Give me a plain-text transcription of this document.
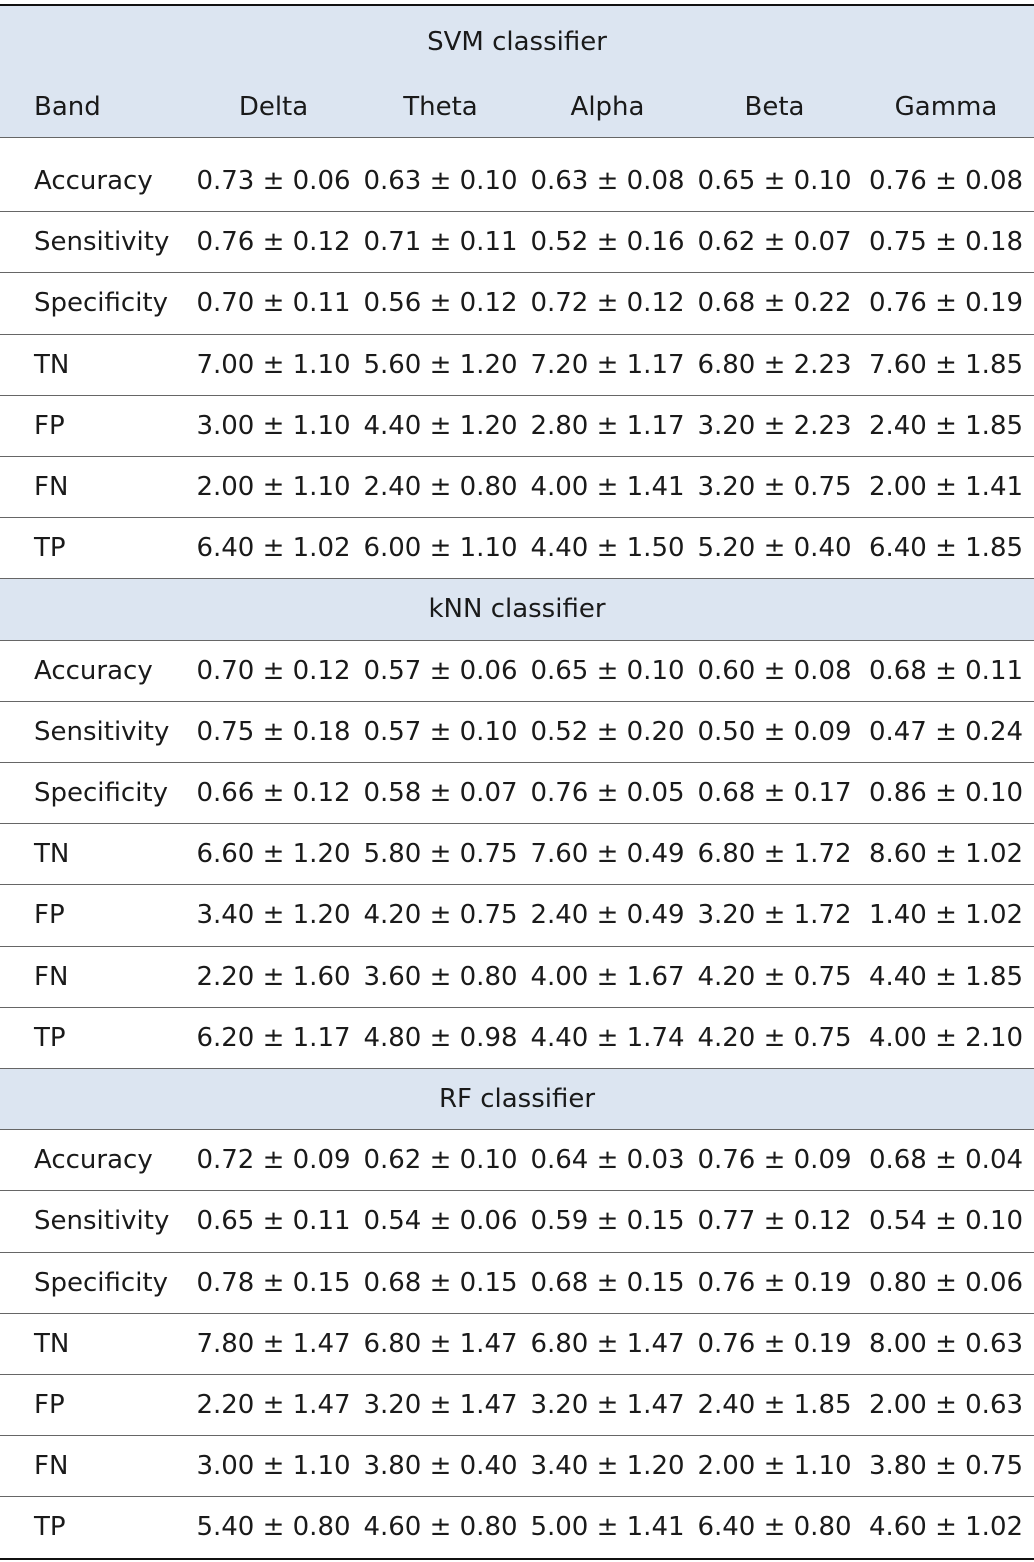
SVM classifier
Band	Delta	Theta	Alpha	Beta	Gamma
Accuracy	0.73 ± 0.06 0.63 ± 0.10 0.63 ± 0.08 0.65 ± 0.10 0.76 ± 0.08
Sensitivity	0.76 ± 0.12 0.71 ± 0.11 0.52 ± 0.16 0.62 ± 0.07 0.75 ± 0.18
Specificity	0.70 ± 0.11 0.56 ± 0.12 0.72 ± 0.12 0.68 ± 0.22 0.76 ± 0.19
TN	7.00 ± 1.10 5.60 ± 1.20 7.20 ± 1.17 6.80 ± 2.23 7.60 ± 1.85
FP	3.00 ± 1.10 4.40 ± 1.20 2.80 ± 1.17 3.20 ± 2.23 2.40 ± 1.85
FN	2.00 ± 1.10 2.40 ± 0.80 4.00 ± 1.41 3.20 ± 0.75 2.00 ± 1.41
TP	6.40 ± 1.02 6.00 ± 1.10 4.40 ± 1.50 5.20 ± 0.40 6.40 ± 1.85
kNN classifier
Accuracy	0.70 ± 0.12 0.57 ± 0.06 0.65 ± 0.10 0.60 ± 0.08 0.68 ± 0.11
Sensitivity	0.75 ± 0.18 0.57 ± 0.10 0.52 ± 0.20 0.50 ± 0.09 0.47 ± 0.24
Specificity	0.66 ± 0.12 0.58 ± 0.07 0.76 ± 0.05 0.68 ± 0.17 0.86 ± 0.10
TN	6.60 ± 1.20 5.80 ± 0.75 7.60 ± 0.49 6.80 ± 1.72 8.60 ± 1.02
FP	3.40 ± 1.20 4.20 ± 0.75 2.40 ± 0.49 3.20 ± 1.72 1.40 ± 1.02
FN	2.20 ± 1.60 3.60 ± 0.80 4.00 ± 1.67 4.20 ± 0.75 4.40 ± 1.85
TP	6.20 ± 1.17 4.80 ± 0.98 4.40 ± 1.74 4.20 ± 0.75 4.00 ± 2.10
RF classifier
Accuracy	0.72 ± 0.09 0.62 ± 0.10 0.64 ± 0.03 0.76 ± 0.09 0.68 ± 0.04
Sensitivity	0.65 ± 0.11 0.54 ± 0.06 0.59 ± 0.15 0.77 ± 0.12 0.54 ± 0.10
Specificity	0.78 ± 0.15 0.68 ± 0.15 0.68 ± 0.15 0.76 ± 0.19 0.80 ± 0.06
TN	7.80 ± 1.47 6.80 ± 1.47 6.80 ± 1.47 0.76 ± 0.19 8.00 ± 0.63
FP	2.20 ± 1.47 3.20 ± 1.47 3.20 ± 1.47 2.40 ± 1.85 2.00 ± 0.63
FN	3.00 ± 1.10 3.80 ± 0.40 3.40 ± 1.20 2.00 ± 1.10 3.80 ± 0.75
TP	5.40 ± 0.80 4.60 ± 0.80 5.00 ± 1.41 6.40 ± 0.80 4.60 ± 1.02
